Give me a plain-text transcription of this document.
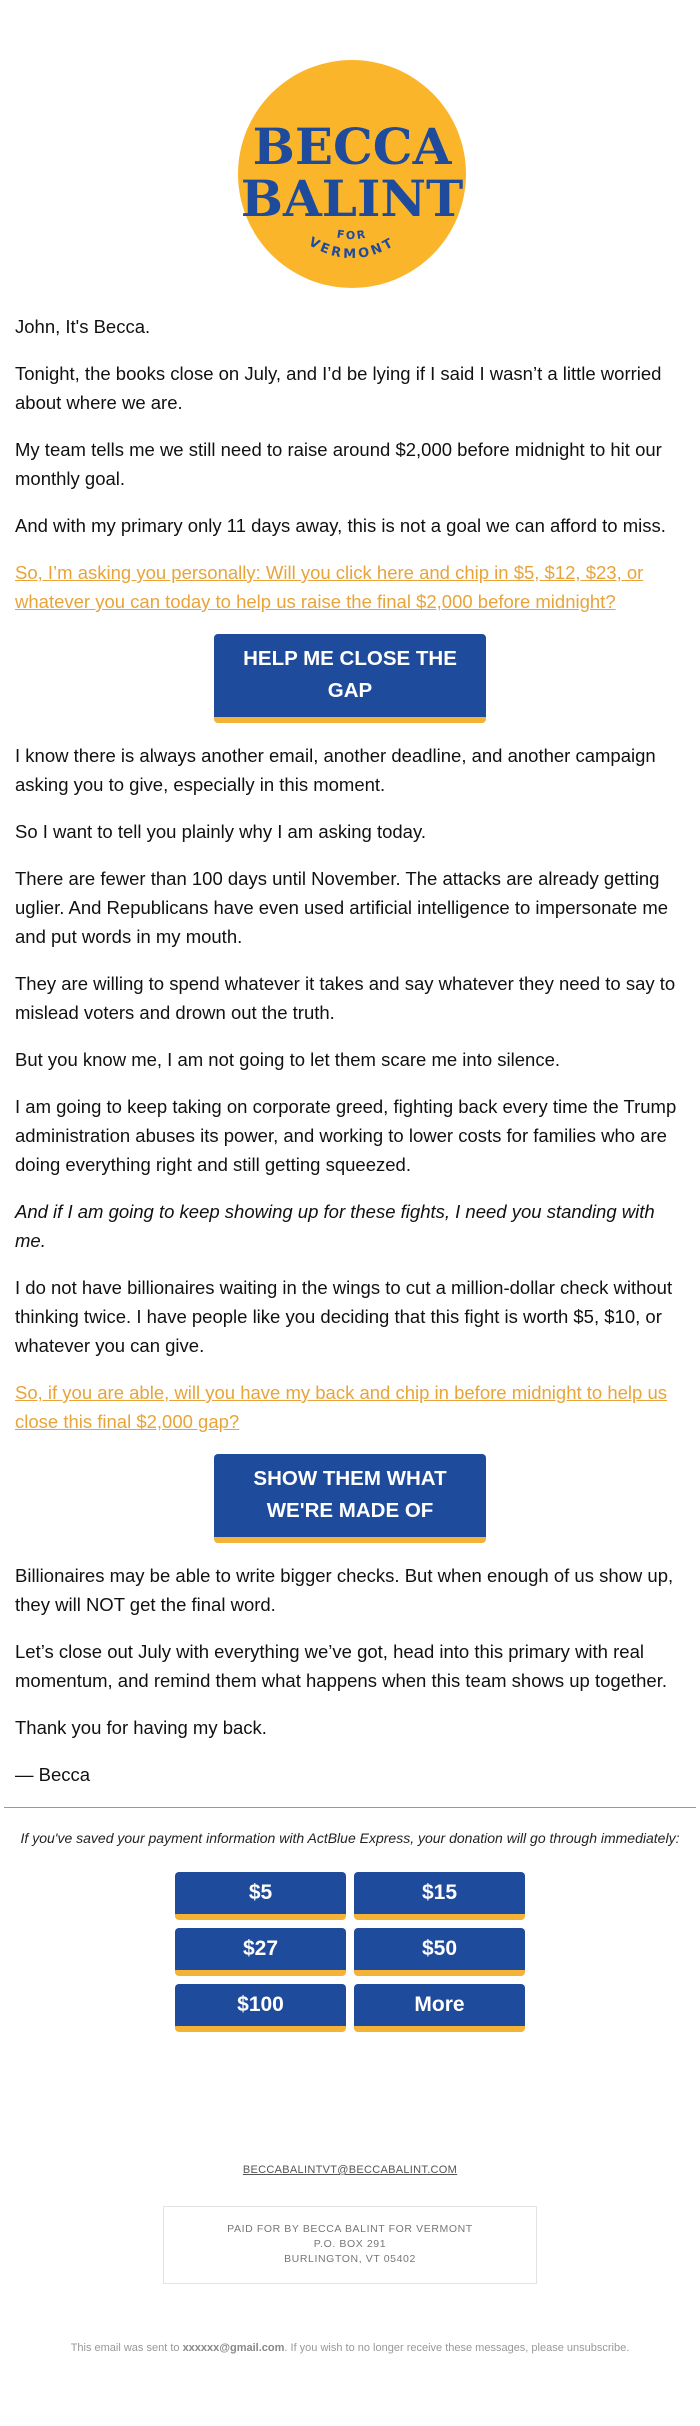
BECCA
BALINT
FOR
VERMONT

John, It's Becca.

Tonight, the books close on July, and I’d be lying if I said I wasn’t a little worried about where we are.

My team tells me we still need to raise around $2,000 before midnight to hit our monthly goal.

And with my primary only 11 days away, this is not a goal we can afford to miss.

So, I’m asking you personally: Will you click here and chip in $5, $12, $23, or whatever you can today to help us raise the final $2,000 before midnight?

HELP ME CLOSE THE GAP

I know there is always another email, another deadline, and another campaign asking you to give, especially in this moment.

So I want to tell you plainly why I am asking today.

There are fewer than 100 days until November. The attacks are already getting uglier. And Republicans have even used artificial intelligence to impersonate me and put words in my mouth.

They are willing to spend whatever it takes and say whatever they need to say to mislead voters and drown out the truth.

But you know me, I am not going to let them scare me into silence.

I am going to keep taking on corporate greed, fighting back every time the Trump administration abuses its power, and working to lower costs for families who are doing everything right and still getting squeezed.

And if I am going to keep showing up for these fights, I need you standing with me.

I do not have billionaires waiting in the wings to cut a million-dollar check without thinking twice. I have people like you deciding that this fight is worth $5, $10, or whatever you can give.

So, if you are able, will you have my back and chip in before midnight to help us close this final $2,000 gap?

SHOW THEM WHAT WE'RE MADE OF

Billionaires may be able to write bigger checks. But when enough of us show up, they will NOT get the final word.

Let’s close out July with everything we’ve got, head into this primary with real momentum, and remind them what happens when this team shows up together.

Thank you for having my back.

— Becca

If you've saved your payment information with ActBlue Express, your donation will go through immediately:

$5	$15
$27	$50
$100	More
BECCABALINTVT@BECCABALINT.COM
PAID FOR BY BECCA BALINT FOR VERMONT
P.O. BOX 291
BURLINGTON, VT 05402
This email was sent to xxxxxx@gmail.com. If you wish to no longer receive these messages, please unsubscribe.
